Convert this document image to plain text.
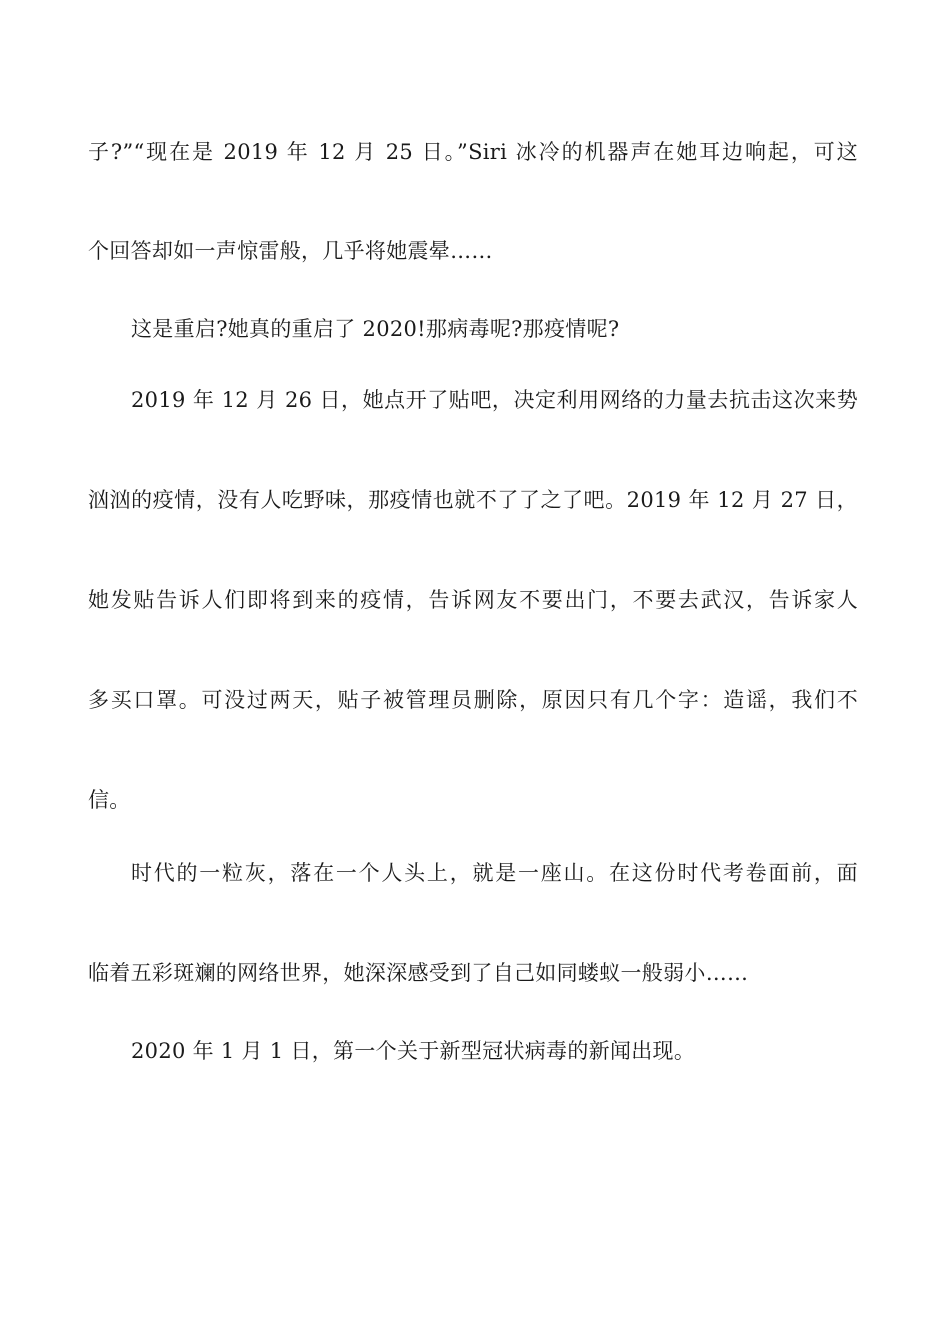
子?”“现在是 2019 年 12 月 25 日。”Siri 冰冷的机器声在她耳边响起，可这
个回答却如一声惊雷般，几乎将她震晕……
这是重启?她真的重启了 2020!那病毒呢?那疫情呢?
2019 年 12 月 26 日，她点开了贴吧，决定利用网络的力量去抗击这次来势
汹汹的疫情，没有人吃野味，那疫情也就不了了之了吧。2019 年 12 月 27 日，
她发贴告诉人们即将到来的疫情，告诉网友不要出门，不要去武汉，告诉家人
多买口罩。可没过两天，贴子被管理员删除，原因只有几个字：造谣，我们不
信。
时代的一粒灰，落在一个人头上，就是一座山。在这份时代考卷面前，面
临着五彩斑斓的网络世界，她深深感受到了自己如同蝼蚁一般弱小……
2020 年 1 月 1 日，第一个关于新型冠状病毒的新闻出现。
